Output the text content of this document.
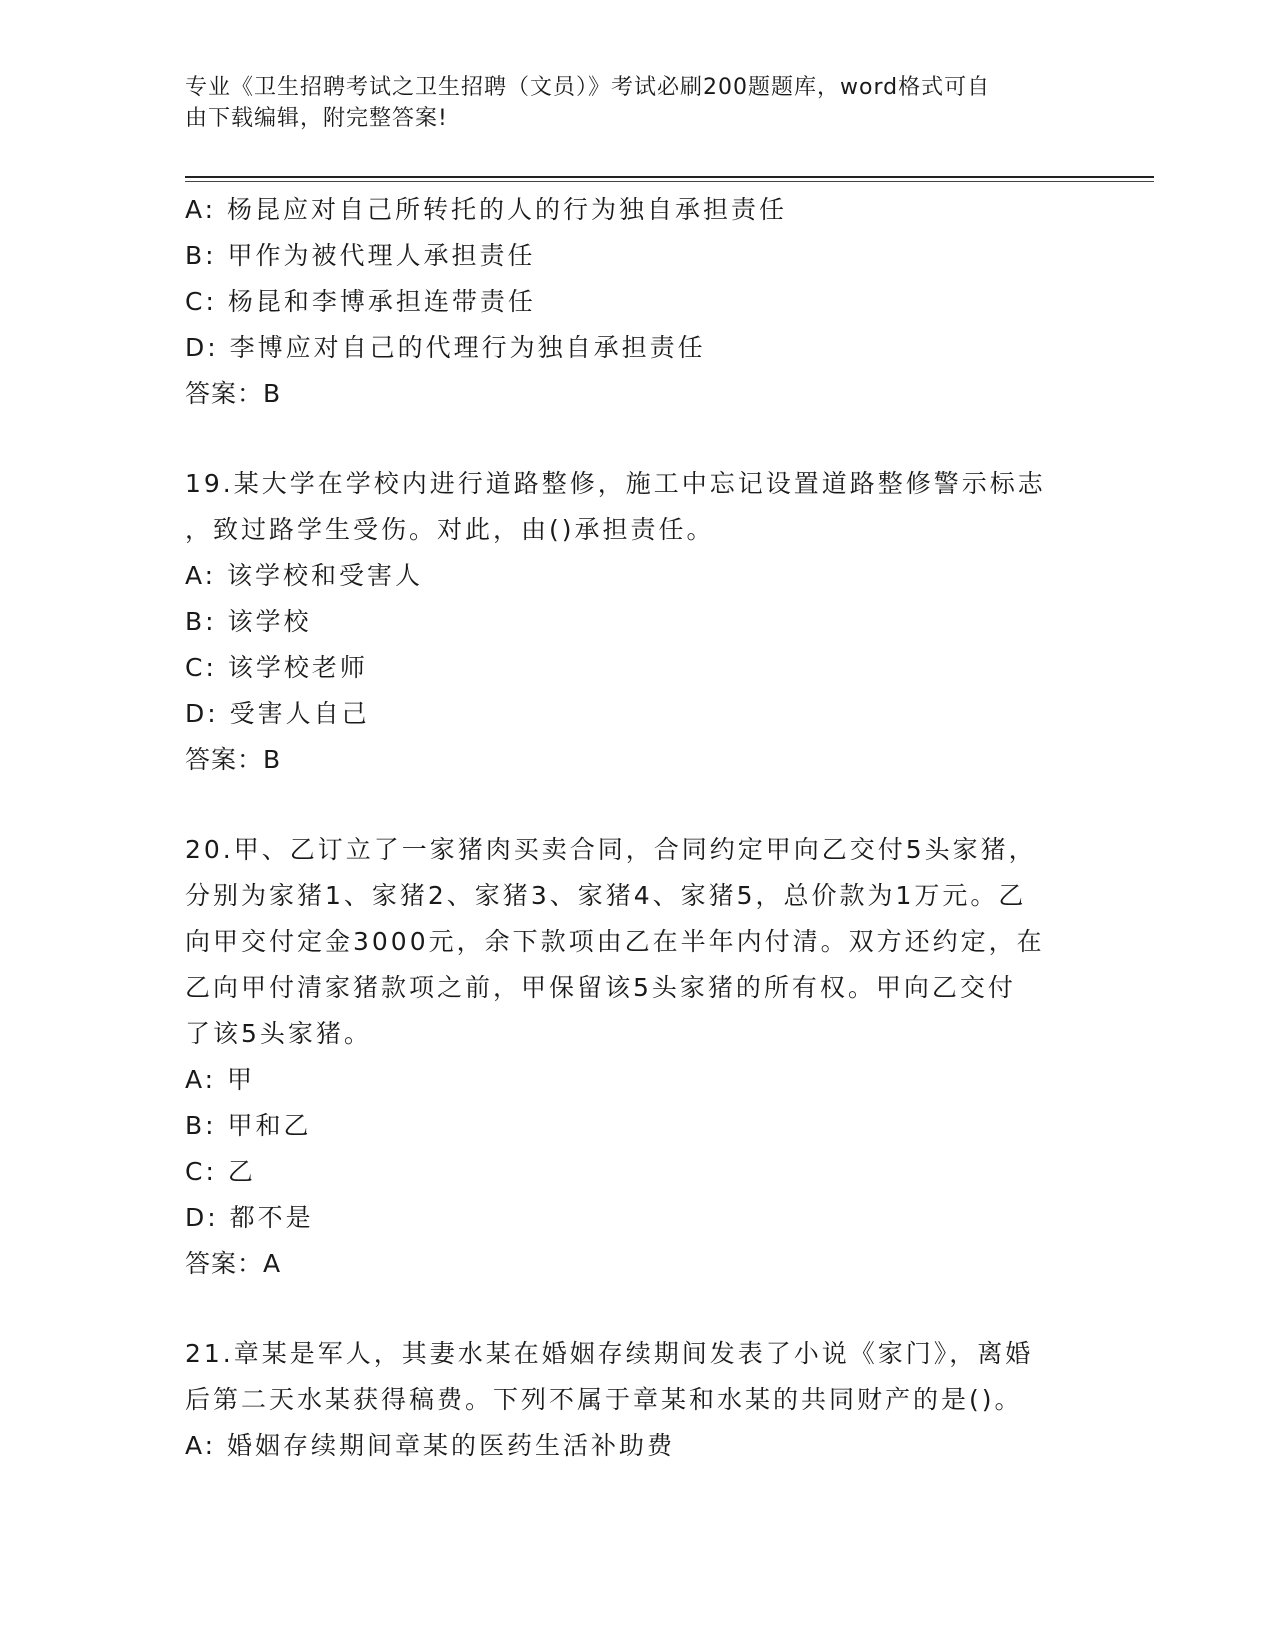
专业《卫生招聘考试之卫生招聘（文员）》考试必刷200题题库，word格式可自
由下载编辑，附完整答案!
A: 杨昆应对自己所转托的人的行为独自承担责任
B: 甲作为被代理人承担责任
C: 杨昆和李博承担连带责任
D: 李博应对自己的代理行为独自承担责任
答案：B
19.某大学在学校内进行道路整修，施工中忘记设置道路整修警示标志
，致过路学生受伤。对此，由()承担责任。
A: 该学校和受害人
B: 该学校
C: 该学校老师
D: 受害人自己
答案：B
20.甲、乙订立了一家猪肉买卖合同，合同约定甲向乙交付5头家猪，
分别为家猪1、家猪2、家猪3、家猪4、家猪5，总价款为1万元。乙
向甲交付定金3000元，余下款项由乙在半年内付清。双方还约定，在
乙向甲付清家猪款项之前，甲保留该5头家猪的所有权。甲向乙交付
了该5头家猪。
A: 甲
B: 甲和乙
C: 乙
D: 都不是
答案：A
21.章某是军人，其妻水某在婚姻存续期间发表了小说《家门》，离婚
后第二天水某获得稿费。下列不属于章某和水某的共同财产的是()。
A: 婚姻存续期间章某的医药生活补助费
